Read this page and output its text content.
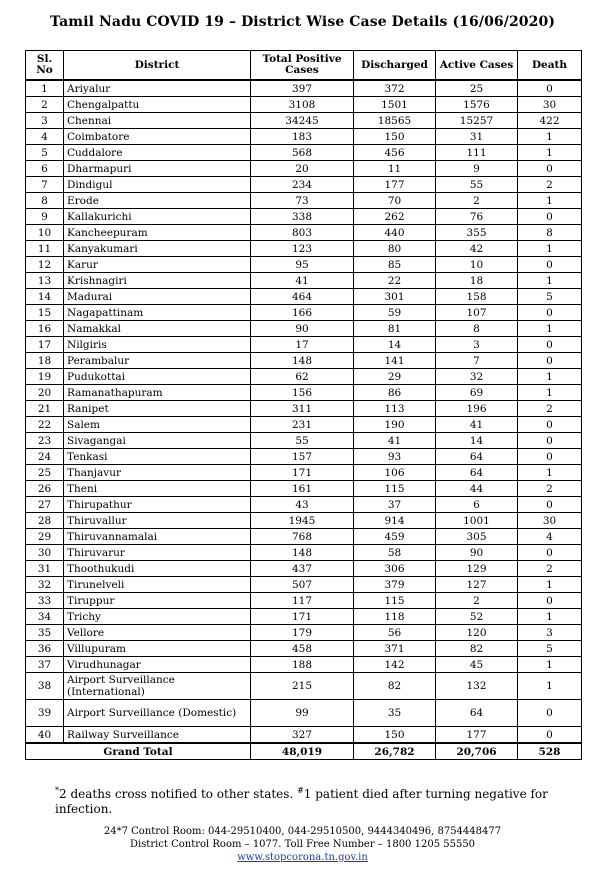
Tamil Nadu COVID 19 – District Wise Case Details (16/06/2020)
Sl. No	District	Total Positive Cases	Discharged	Active Cases	Death
1	Ariyalur	397	372	25	0
2	Chengalpattu	3108	1501	1576	30
3	Chennai	34245	18565	15257	422
4	Coimbatore	183	150	31	1
5	Cuddalore	568	456	111	1
6	Dharmapuri	20	11	9	0
7	Dindigul	234	177	55	2
8	Erode	73	70	2	1
9	Kallakurichi	338	262	76	0
10	Kancheepuram	803	440	355	8
11	Kanyakumari	123	80	42	1
12	Karur	95	85	10	0
13	Krishnagiri	41	22	18	1
14	Madurai	464	301	158	5
15	Nagapattinam	166	59	107	0
16	Namakkal	90	81	8	1
17	Nilgiris	17	14	3	0
18	Perambalur	148	141	7	0
19	Pudukottai	62	29	32	1
20	Ramanathapuram	156	86	69	1
21	Ranipet	311	113	196	2
22	Salem	231	190	41	0
23	Sivagangai	55	41	14	0
24	Tenkasi	157	93	64	0
25	Thanjavur	171	106	64	1
26	Theni	161	115	44	2
27	Thirupathur	43	37	6	0
28	Thiruvallur	1945	914	1001	30
29	Thiruvannamalai	768	459	305	4
30	Thiruvarur	148	58	90	0
31	Thoothukudi	437	306	129	2
32	Tirunelveli	507	379	127	1
33	Tiruppur	117	115	2	0
34	Trichy	171	118	52	1
35	Vellore	179	56	120	3
36	Villupuram	458	371	82	5
37	Virudhunagar	188	142	45	1
38	Airport Surveillance (International)	215	82	132	1
39	Airport Surveillance (Domestic)	99	35	64	0
40	Railway Surveillance	327	150	177	0
Grand Total		48,019	26,782	20,706	528
*2 deaths cross notified to other states. #1 patient died after turning negative for infection.
24*7 Control Room: 044-29510400, 044-29510500, 9444340496, 8754448477
District Control Room – 1077. Toll Free Number – 1800 1205 55550
www.stopcorona.tn.gov.in
